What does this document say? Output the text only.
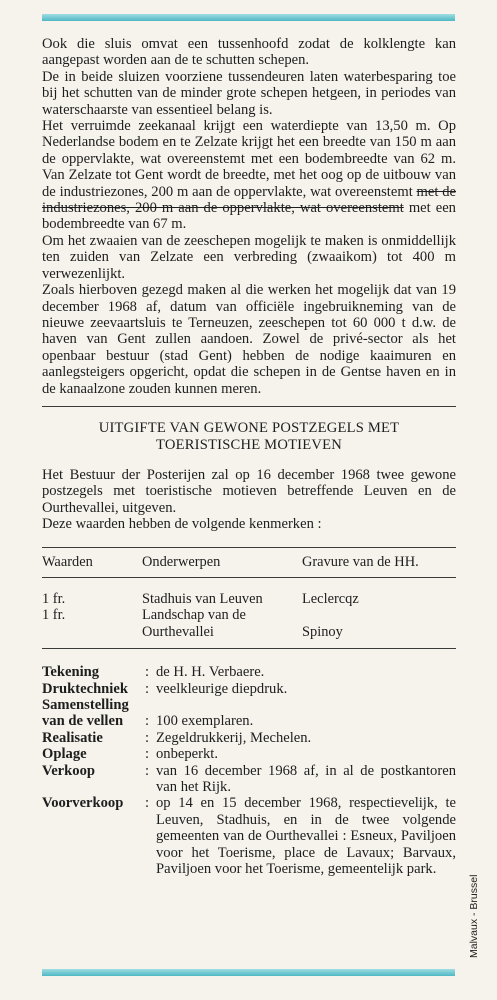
Ook die sluis omvat een tussenhoofd zodat de kolklengte kan aangepast worden aan de te schutten schepen.

De in beide sluizen voorziene tussendeuren laten waterbesparing toe bij het schutten van de minder grote schepen hetgeen, in periodes van waterschaarste van essentieel belang is.

Het verruimde zeekanaal krijgt een waterdiepte van 13,50 m. Op Nederlandse bodem en te Zelzate krijgt het een breedte van 150 m aan de oppervlakte, wat overeenstemt met een bodembreedte van 62 m. Van Zelzate tot Gent wordt de breedte, met het oog op de uitbouw van de industriezones, 200 m aan de oppervlakte, wat overeenstemt met de industriezones, 200 m aan de oppervlakte, wat overeenstemt met een bodembreedte van 67 m.

Om het zwaaien van de zeeschepen mogelijk te maken is onmiddellijk ten zuiden van Zelzate een verbreding (zwaaikom) tot 400 m verwezenlijkt.

Zoals hierboven gezegd maken al die werken het mogelijk dat van 19 december 1968 af, datum van officiële ingebruikneming van de nieuwe zeevaartsluis te Terneuzen, zeeschepen tot 60 000 t d.w. de haven van Gent zullen aandoen. Zowel de privé-sector als het openbaar bestuur (stad Gent) hebben de nodige kaaimuren en aanlegsteigers opgericht, opdat die schepen in de Gentse haven en in de kanaalzone zouden kunnen meren.

UITGIFTE VAN GEWONE POSTZEGELS MET
TOERISTISCHE MOTIEVEN

Het Bestuur der Posterijen zal op 16 december 1968 twee gewone postzegels met toeristische motieven betreffende Leuven en de Ourthevallei, uitgeven.

Deze waarden hebben de volgende kenmerken :

Waarden	Onderwerpen	Gravure van de HH.
1 fr.	Stadhuis van Leuven	Leclercqz
1 fr.	Landschap van de
Ourthevallei	Spinoy
Tekening	: de H. H. Verbaere.
Druktechniek	: veelkleurige diepdruk.
Samenstelling
van de vellen	: 100 exemplaren.
Realisatie	: Zegeldrukkerij, Mechelen.
Oplage	: onbeperkt.
Verkoop	: van 16 december 1968 af, in al de postkantoren van het Rijk.
Voorverkoop	: op 14 en 15 december 1968, respectievelijk, te Leuven, Stadhuis, en in de twee volgende gemeenten van de Ourthevallei : Esneux, Paviljoen voor het Toerisme, place de Lavaux; Barvaux, Paviljoen voor het Toerisme, gemeentelijk park.
Malvaux - Brussel
